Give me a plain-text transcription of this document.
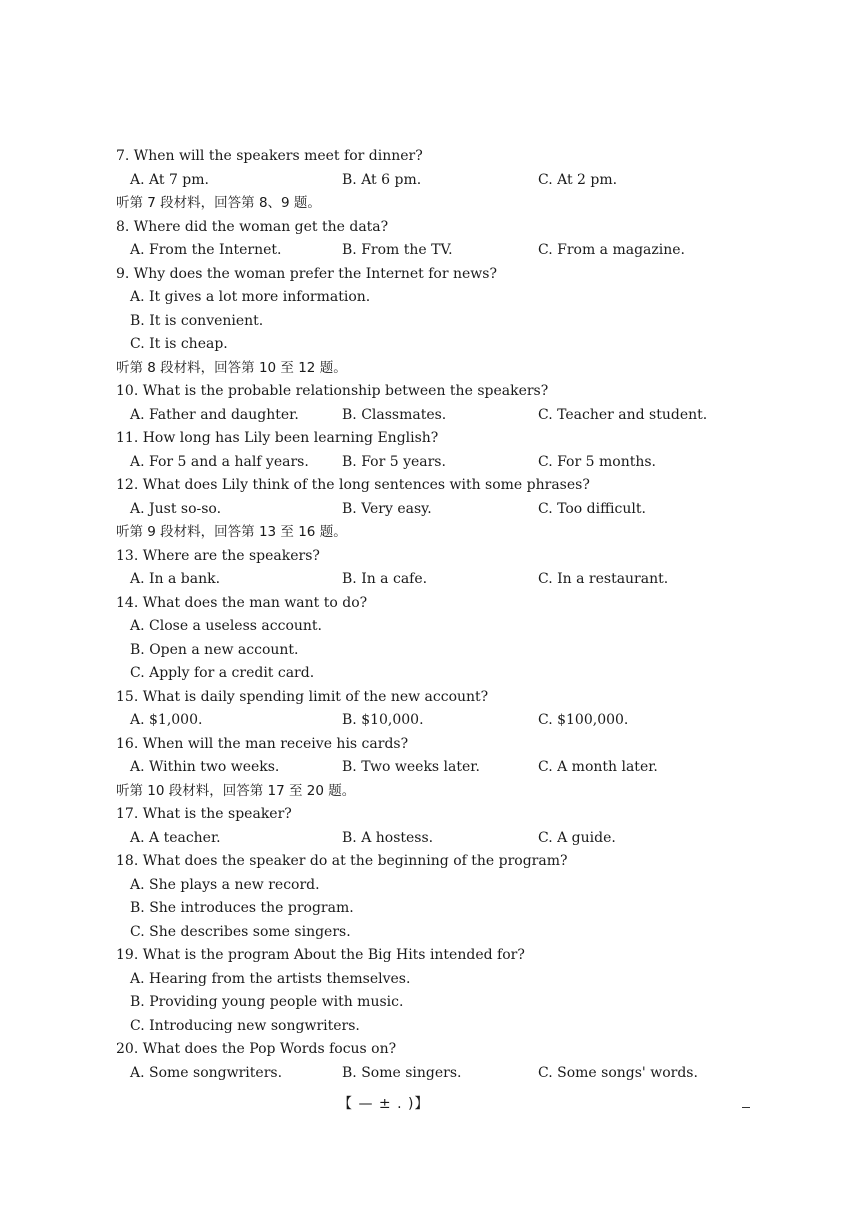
7. When will the speakers meet for dinner?
A. At 7 pm.	B. At 6 pm.	C. At 2 pm.
听第 7 段材料，回答第 8、9 题。
8. Where did the woman get the data?
A. From the Internet.	B. From the TV.	C. From a magazine.
9. Why does the woman prefer the Internet for news?
A. It gives a lot more information.
B. It is convenient.
C. It is cheap.
听第 8 段材料，回答第 10 至 12 题。
10. What is the probable relationship between the speakers?
A. Father and daughter.	B. Classmates.	C. Teacher and student.
11. How long has Lily been learning English?
A. For 5 and a half years. B. For 5 years.	C. For 5 months.
12. What does Lily think of the long sentences with some phrases?
A. Just so-so.	B. Very easy.	C. Too difficult.
听第 9 段材料，回答第 13 至 16 题。
13. Where are the speakers?
A. In a bank.	B. In a cafe.	C. In a restaurant.
14. What does the man want to do?
A. Close a useless account.
B. Open a new account.
C. Apply for a credit card.
15. What is daily spending limit of the new account?
A. $1,000.	B. $10,000.	C. $100,000.
16. When will the man receive his cards?
A. Within two weeks.	B. Two weeks later.	C. A month later.
听第 10 段材料，回答第 17 至 20 题。
17. What is the speaker?
A. A teacher.	B. A hostess.	C. A guide.
18. What does the speaker do at the beginning of the program?
A. She plays a new record.
B. She introduces the program.
C. She describes some singers.
19. What is the program About the Big Hits intended for?
A. Hearing from the artists themselves.
B. Providing young people with music.
C. Introducing new songwriters.
20. What does the Pop Words focus on?
A. Some songwriters.	B. Some singers.	C. Some songs' words.
【 — ± . )】
